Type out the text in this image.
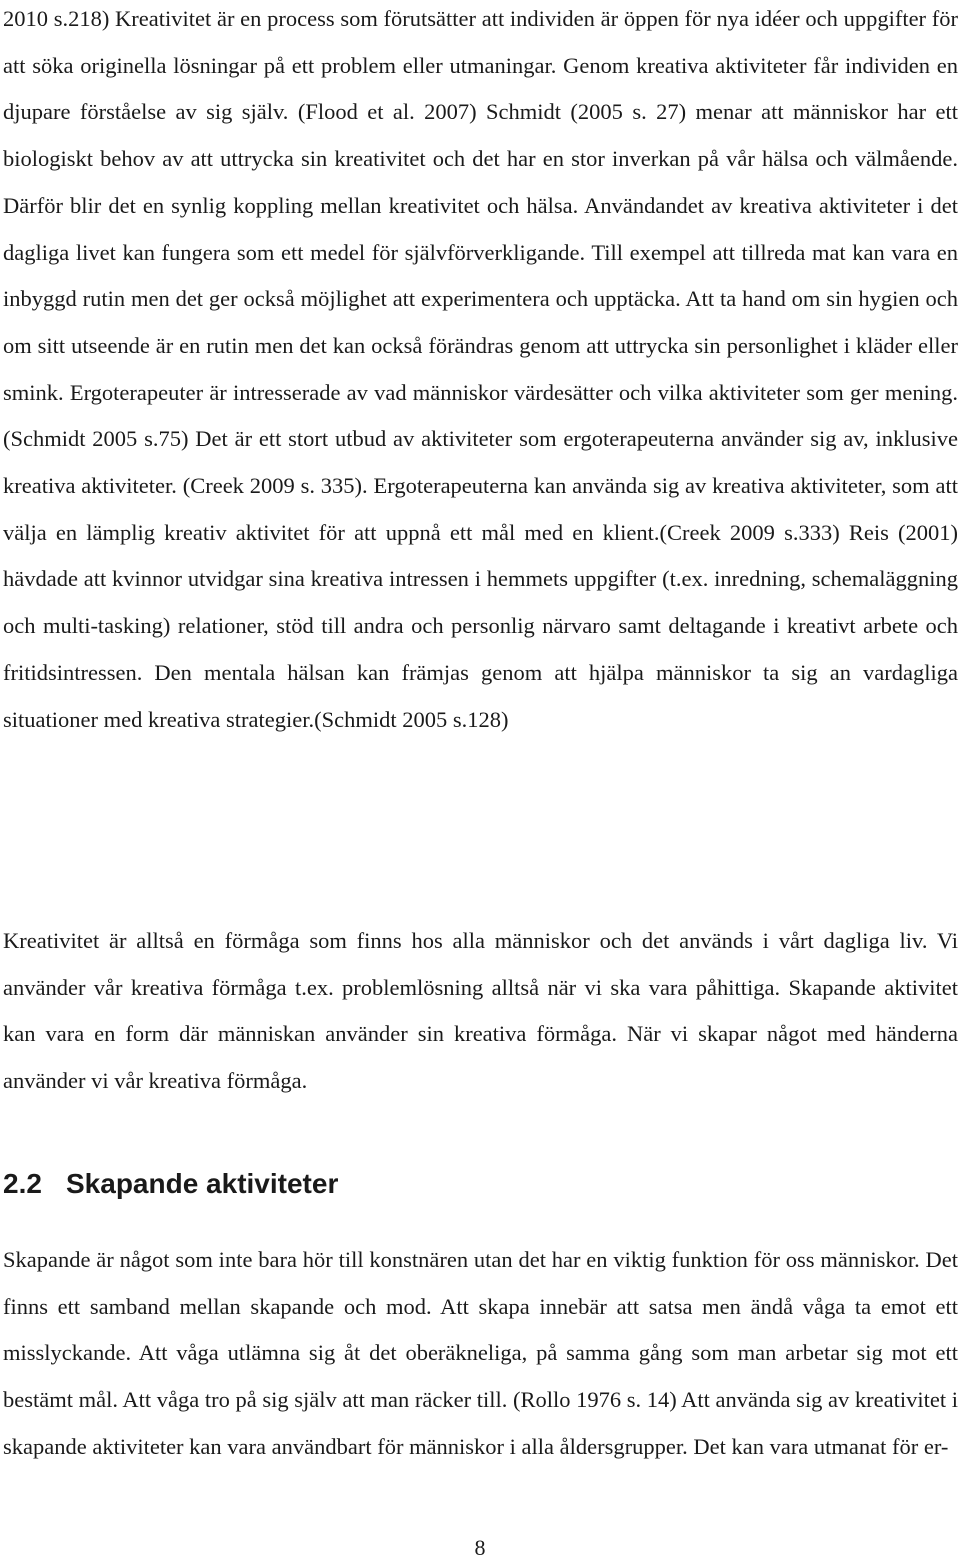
2010 s.218) Kreativitet är en process som förutsätter att individen är öppen för nya idéer och uppgifter för att söka originella lösningar på ett problem eller utmaningar. Genom kreativa aktiviteter får individen en djupare förståelse av sig själv. (Flood et al. 2007) Schmidt (2005 s. 27) menar att människor har ett biologiskt behov av att uttrycka sin kreativitet och det har en stor inverkan på vår hälsa och välmående. Därför blir det en synlig koppling mellan kreativitet och hälsa. Användandet av kreativa aktiviteter i det dagliga livet kan fungera som ett medel för självförverkligande. Till exempel att tillreda mat kan vara en inbyggd rutin men det ger också möjlighet att experimentera och upptäcka. Att ta hand om sin hygien och om sitt utseende är en rutin men det kan också förändras genom att uttrycka sin personlighet i kläder eller smink. Ergoterapeuter är intresserade av vad människor värdesätter och vilka aktiviteter som ger mening. (Schmidt 2005 s.75) Det är ett stort utbud av aktiviteter som ergoterapeuterna använder sig av, inklusive kreativa aktiviteter. (Creek 2009 s. 335). Ergoterapeuterna kan använda sig av kreativa aktiviteter, som att välja en lämplig kreativ aktivitet för att uppnå ett mål med en klient.(Creek 2009 s.333) Reis (2001) hävdade att kvinnor utvidgar sina kreativa intressen i hemmets uppgifter (t.ex. inredning, schemaläggning och multi-tasking) relationer, stöd till andra och personlig närvaro samt deltagande i kreativt arbete och fritidsintressen. Den mentala hälsan kan främjas genom att hjälpa människor ta sig an vardagliga situationer med kreativa strategier.(Schmidt 2005 s.128)

Kreativitet är alltså en förmåga som finns hos alla människor och det används i vårt dagliga liv. Vi använder vår kreativa förmåga t.ex. problemlösning alltså när vi ska vara påhittiga. Skapande aktivitet kan vara en form där människan använder sin kreativa förmåga. När vi skapar något med händerna använder vi vår kreativa förmåga.

2.2 Skapande aktiviteter

Skapande är något som inte bara hör till konstnären utan det har en viktig funktion för oss människor. Det finns ett samband mellan skapande och mod. Att skapa innebär att satsa men ändå våga ta emot ett misslyckande. Att våga utlämna sig åt det oberäkneliga, på samma gång som man arbetar sig mot ett bestämt mål. Att våga tro på sig själv att man räcker till. (Rollo 1976 s. 14) Att använda sig av kreativitet i skapande aktiviteter kan vara användbart för människor i alla åldersgrupper. Det kan vara utmanat för er-

8
